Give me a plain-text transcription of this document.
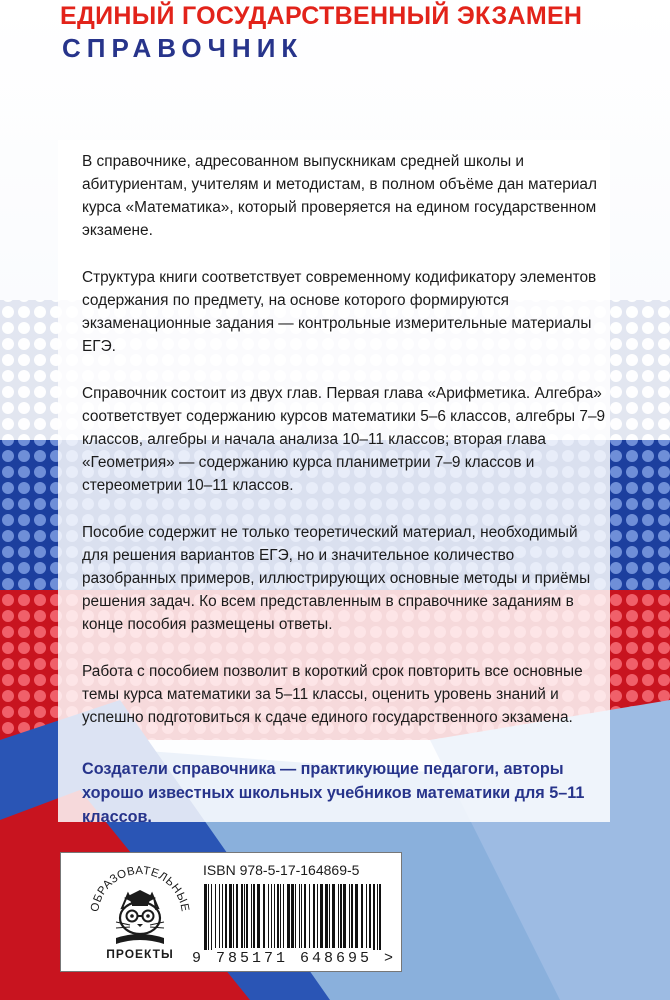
ЕДИНЫЙ ГОСУДАРСТВЕННЫЙ ЭКЗАМЕН
СПРАВОЧНИК

В справочнике, адресованном выпускникам средней школы и абитуриентам, учителям и методистам, в полном объёме дан материал курса «Математика», который проверяется на едином государственном экзамене.

Структура книги соответствует современному кодификатору элементов содержания по предмету, на основе которого формируются экзаменационные задания — контрольные измерительные материалы ЕГЭ.

Справочник состоит из двух глав. Первая глава «Арифметика. Алгебра» соответствует содержанию курсов математики 5–6 классов, алгебры 7–9 классов, алгебры и начала анализа 10–11 классов; вторая глава «Геометрия» — содержанию курса планиметрии 7–9 классов и стереометрии 10–11 классов.

Пособие содержит не только теоретический материал, необходимый для решения вариантов ЕГЭ, но и значительное количество разобранных примеров, иллюстрирующих основные методы и приёмы решения задач. Ко всем представленным в справочнике заданиям в конце пособия размещены ответы.

Работа с пособием позволит в короткий срок повторить все основные темы курса математики за 5–11 классы, оценить уровень знаний и успешно подготовиться к сдаче единого государственного экзамена.

Создатели справочника — практикующие педагоги, авторы хорошо известных школьных учебников математики для 5–11 классов.

ОБРАЗОВАТЕЛЬНЫЕ
ПРОЕКТЫ
ISBN 978-5-17-164869-5
9 785171 648695 >
